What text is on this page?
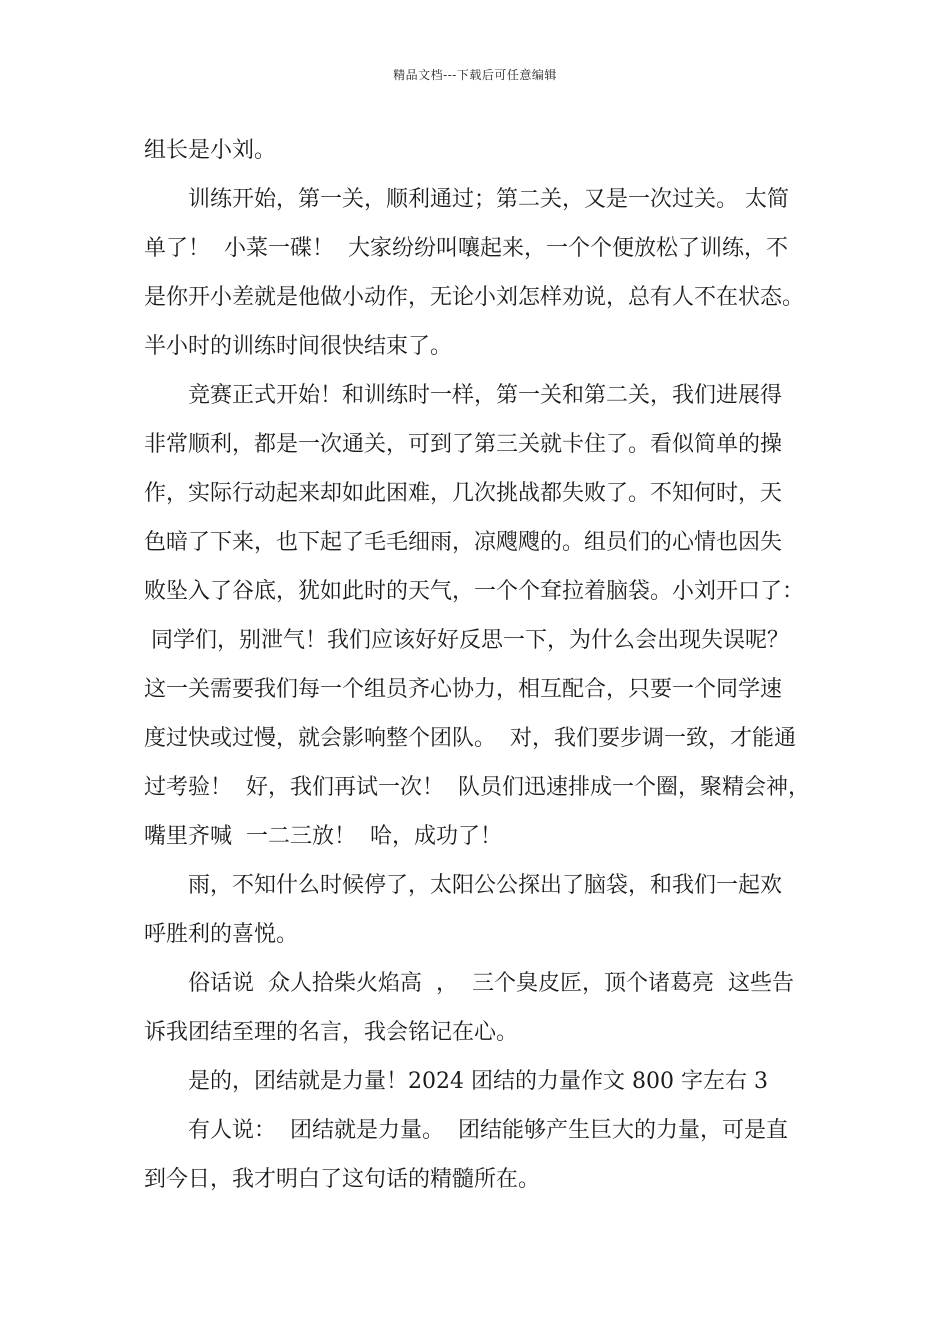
精品文档---下载后可任意编辑
组长是小刘。
训练开始，第一关，顺利通过；第二关，又是一次过关。 太简
单了！  小菜一碟！  大家纷纷叫嚷起来，一个个便放松了训练，不
是你开小差就是他做小动作，无论小刘怎样劝说，总有人不在状态。
半小时的训练时间很快结束了。
竞赛正式开始！和训练时一样，第一关和第二关，我们进展得
非常顺利，都是一次通关，可到了第三关就卡住了。看似简单的操
作，实际行动起来却如此困难，几次挑战都失败了。不知何时，天
色暗了下来，也下起了毛毛细雨，凉飕飕的。组员们的心情也因失
败坠入了谷底，犹如此时的天气，一个个耷拉着脑袋。小刘开口了：
同学们，别泄气！我们应该好好反思一下，为什么会出现失误呢？
这一关需要我们每一个组员齐心协力，相互配合，只要一个同学速
度过快或过慢，就会影响整个团队。  对，我们要步调一致，才能通
过考验！  好，我们再试一次！  队员们迅速排成一个圈，聚精会神，
嘴里齐喊  一二三放！  哈，成功了！
雨，不知什么时候停了，太阳公公探出了脑袋，和我们一起欢
呼胜利的喜悦。
俗话说  众人拾柴火焰高  ，  三个臭皮匠，顶个诸葛亮  这些告
诉我团结至理的名言，我会铭记在心。
是的，团结就是力量！2024 团结的力量作文 800 字左右 3
有人说：  团结就是力量。  团结能够产生巨大的力量，可是直
到今日，我才明白了这句话的精髓所在。
